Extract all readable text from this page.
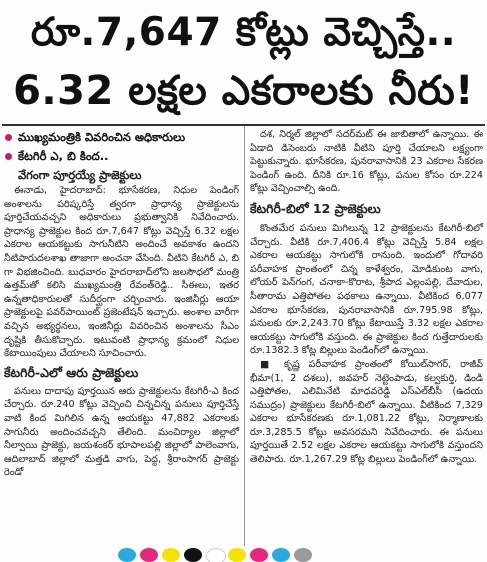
రూ.7,647 కోట్లు వెచ్చిస్తే..
6.32 లక్షల ఎకరాలకు నీరు!
ముఖ్యమంత్రికి వివరించిన అధికారులు
కేటగిరీ ఎ, బి కింద..
వేగంగా పూర్తయ్యే ప్రాజెక్టులు

ఈనాడు, హైదరాబాద్: భూసేకరణ, నిధుల పెండింగ్ అంశాలను పరిష్కరిస్తే త్వరగా ప్రాధాన్య ప్రాజెక్టులను పూర్తిచేయవచ్చని అధికారులు ప్రభుత్వానికి నివేదించారు. ప్రాధాన్య ప్రాజెక్టుల కింద రూ.7,647 కోట్లు వెచ్చిస్తే 6.32 లక్షల ఎకరాల ఆయకట్టుకు సాగునీటిని అందించే అవకాశం ఉందని నీటిపారుదలశాఖ తాజాగా అంచనా వేసింది. వీటిని కేటగిరీ ఎ, బి గా విభజించింది. బుధవారం హైదరాబాద్‌లోని జలసౌధలో మంత్రి ఉత్తమ్‌తో కలిసి ముఖ్యమంత్రి రేవంత్‌రెడ్డి.. సీఈలు, ఇతర ఉన్నతాధికారులతో సుదీర్ఘంగా చర్చించారు. ఇంజినీర్లు ఆయా ప్రాజెక్టులపై పవర్‌పాయింట్ ప్రజెంటేషన్ ఇచ్చారు. అంశాల వారీగా వచ్చిన అభ్యర్థనలు, ఇంజినీర్లు వివరించిన అంశాలను సీఎం దృష్టికి తీసుకొచ్చారు. ఇటువంటి ప్రాధాన్య క్రమంలో నిధుల కేటాయింపులు చేయాలని సూచించారు.

కేటగిరీ-ఎలో ఆరు ప్రాజెక్టులు

పనులు దాదాపు పూర్తయిన ఆరు ప్రాజెక్టులను కేటగిరీ-ఎ కింద చేర్చారు. రూ.240 కోట్లు వెచ్చించి చిన్నచిన్న పనులు పూర్తిచేస్తే వాటి కింద మిగిలిన ఉన్న ఆయకట్టు 47,882 ఎకరాలకు సాగునీరు అందించవచ్చని తేలింది. మంచిర్యాల జిల్లాలో నీల్వాయి ప్రాజెక్టు, జయశంకర్ భూపాలపల్లి జిల్లాలో పాలెంవాగు, ఆదిలాబాద్ జిల్లాలో మత్తడి వాగు, పెద్ద, శ్రీరాంసాగర్ ప్రాజెక్టు రెండో

దశ, నిర్మల్ జిల్లాలో సదర్‌మట్ ఈ జాబితాలో ఉన్నాయి. ఈ ఏడాది డిసెంబరు నాటికి వీటిని పూర్తి చేయాలని లక్ష్యంగా పెట్టుకున్నారు. భూసేకరణ, పునరావాసానికి 23 ఎకరాల సేకరణ పెండింగ్ ఉంది. దీనికి రూ.16 కోట్లు, పనుల కోసం రూ.224 కోట్లు వెచ్చించాల్సి ఉంది.

కేటగిరీ-బిలో 12 ప్రాజెక్టులు

కొంతమేర పనులు మిగిలున్న 12 ప్రాజెక్టులను కేటగిరీ-బిలో చేర్చారు. వీటికి రూ.7,406.4 కోట్లు వెచ్చిస్తే 5.84 లక్షల ఎకరాల ఆయకట్టు సాగులోకి రానుంది. ఇందులో గోదావరి పరీవాహక ప్రాంతంలో చిన్న కాళేశ్వరం, మోడికుంట వాగు, లోయర్ పెన్‌గంగ, చనాకా-కొరాట, శ్రీపాద ఎల్లంపల్లి, దేవాదుల, సీతారామ ఎత్తిపోతల పథకాలు ఉన్నాయి. వీటికింద 6,077 ఎకరాల భూసేకరణ, పునరావాసానికి రూ.795.98 కోట్లు, పనులకు రూ.2,243.70 కోట్లు కేటాయిస్తే 3.32 లక్షల ఎకరాల ఆయకట్టు సాగులోకి వస్తుంది. ఈ ప్రాజెక్టుల కింద గుత్తేదారులకు రూ.1382.3 కోట్ల బిల్లులు పెండింగ్‌లో ఉన్నాయి.

■ కృష్ణ పరీవాహక ప్రాంతంలో కోయిల్‌సాగర్, రాజీవ్ భీమా(1, 2 దశలు), జవహర్ నెట్టెంపాడు, కల్వకుర్తి, డిండి ఎత్తిపోతల, ఎలిమినేటి మాధవరెడ్డి ఎస్ఎల్‌బీసీ (ఉదయ సముద్రం) ప్రాజెక్టులు కేటగిరీ-బిలో ఉన్నాయి. వీటికింద 7,329 ఎకరాల భూసేకరణకు రూ.1,081.22 కోట్లు, నిర్మాణాలకు రూ.3,285.5 కోట్లు అవసరమని నివేదించారు. ఈ పనులు పూర్తయితే 2.52 లక్షల ఎకరాల ఆయకట్టు సాగులోకి వస్తుందని తెలిపారు. రూ.1,267.29 కోట్ల బిల్లులు పెండింగ్‌లో ఉన్నాయి.
